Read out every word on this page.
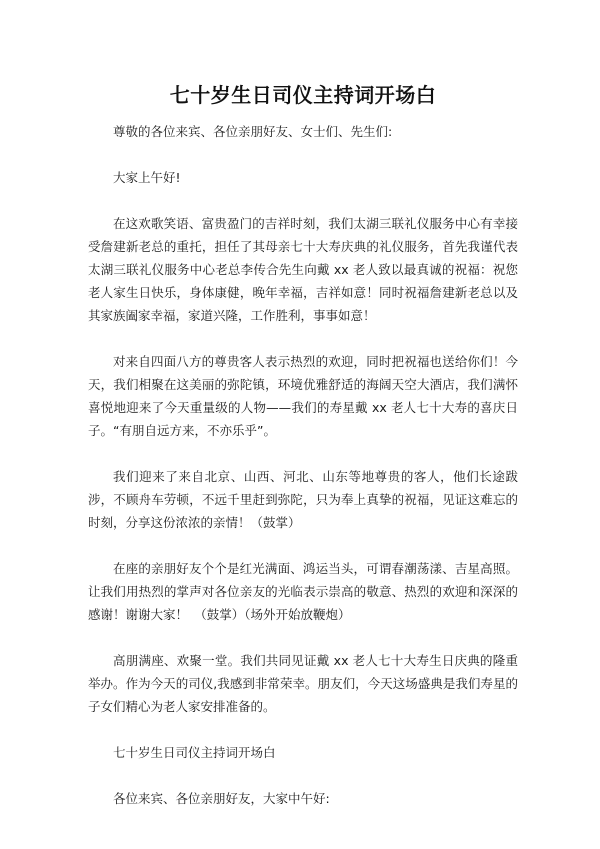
七十岁生日司仪主持词开场白

尊敬的各位来宾、各位亲朋好友、女士们、先生们:

大家上午好!

在这欢歌笑语、富贵盈门的吉祥时刻，我们太湖三联礼仪服务中心有幸接受詹建新老总的重托，担任了其母亲七十大寿庆典的礼仪服务，首先我谨代表太湖三联礼仪服务中心老总李传合先生向戴 xx 老人致以最真诚的祝福：祝您老人家生日快乐，身体康健，晚年幸福，吉祥如意！同时祝福詹建新老总以及其家族阖家幸福，家道兴隆，工作胜利，事事如意！

对来自四面八方的尊贵客人表示热烈的欢迎，同时把祝福也送给你们！今天，我们相聚在这美丽的弥陀镇，环境优雅舒适的海阔天空大酒店，我们满怀喜悦地迎来了今天重量级的人物——我们的寿星戴 xx 老人七十大寿的喜庆日子。“有朋自远方来，不亦乐乎”。

我们迎来了来自北京、山西、河北、山东等地尊贵的客人，他们长途跋涉，不顾舟车劳顿，不远千里赶到弥陀，只为奉上真挚的祝福，见证这难忘的时刻，分享这份浓浓的亲情！（鼓掌）

在座的亲朋好友个个是红光满面、鸿运当头，可谓春潮荡漾、吉星高照。让我们用热烈的掌声对各位亲友的光临表示崇高的敬意、热烈的欢迎和深深的感谢！谢谢大家！　（鼓掌）（场外开始放鞭炮）

高朋满座、欢聚一堂。我们共同见证戴 xx 老人七十大寿生日庆典的隆重举办。作为今天的司仪,我感到非常荣幸。朋友们，今天这场盛典是我们寿星的子女们精心为老人家安排准备的。

七十岁生日司仪主持词开场白

各位来宾、各位亲朋好友，大家中午好:
